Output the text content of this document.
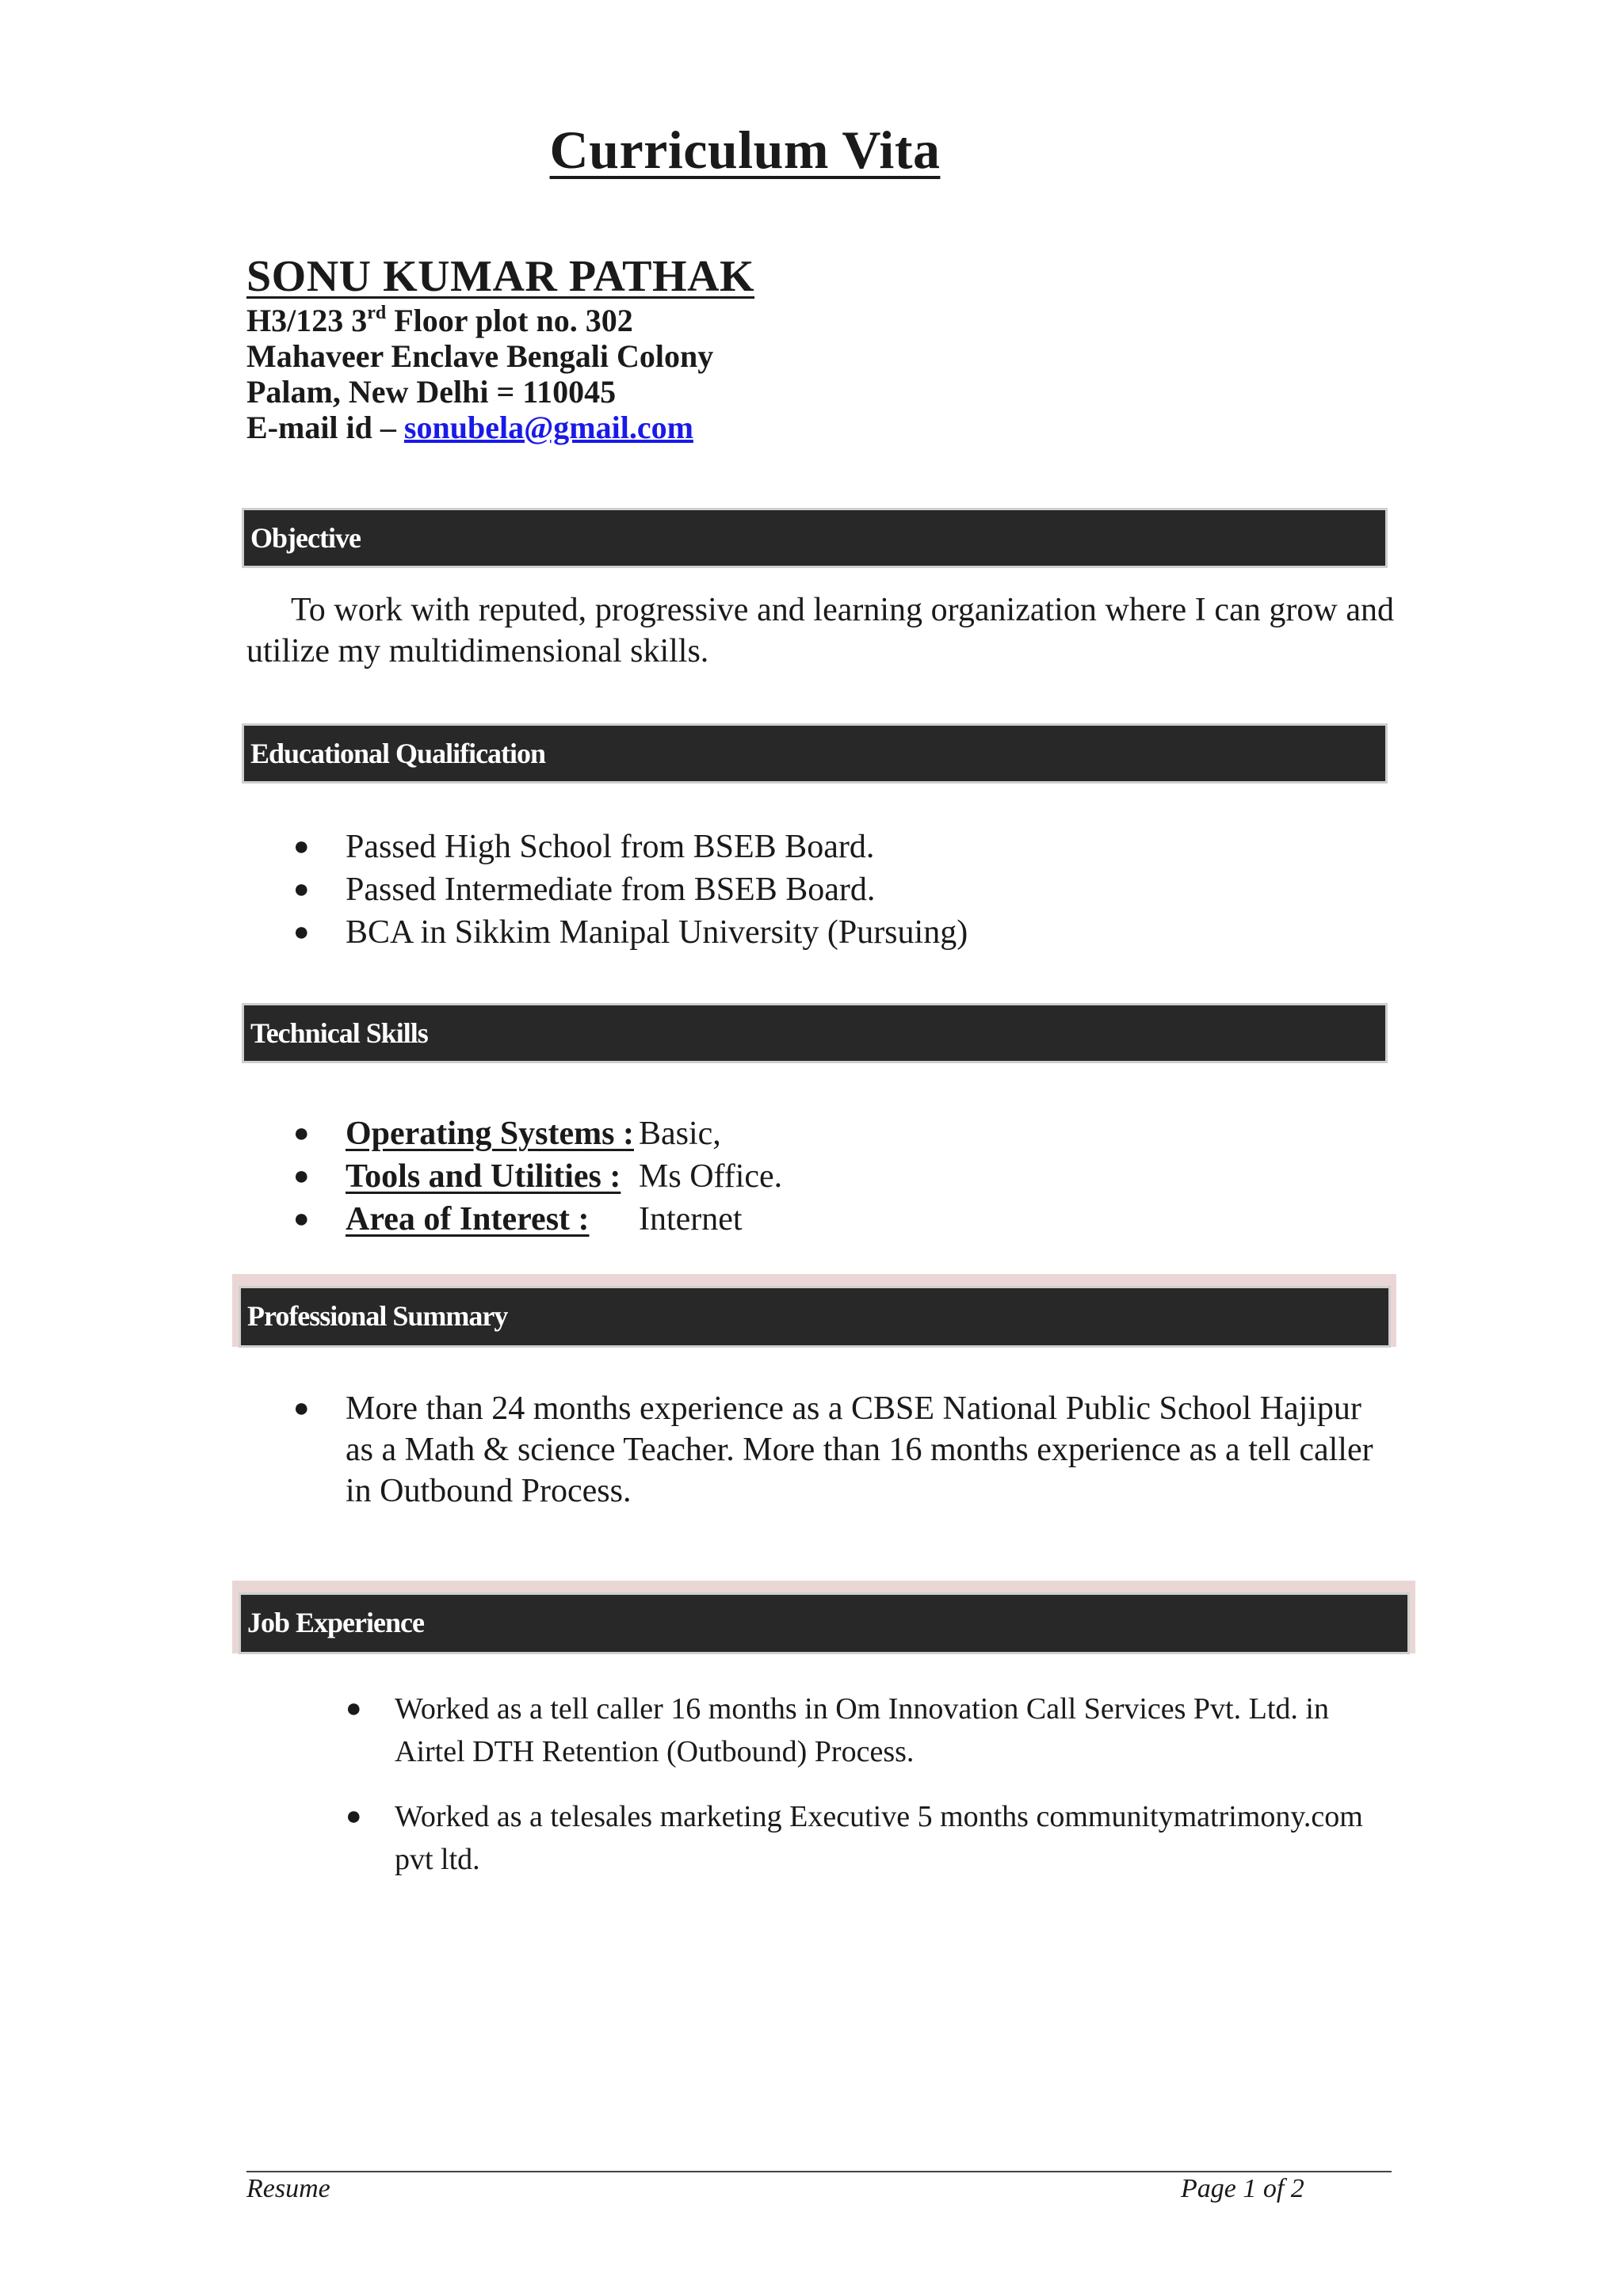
Curriculum Vita
SONU KUMAR PATHAK
H3/123 3rd Floor plot no. 302
Mahaveer Enclave Bengali Colony
Palam, New Delhi = 110045
E-mail id – sonubela@gmail.com
Objective
To work with reputed, progressive and learning organization where I can grow and utilize my multidimensional skills.
Educational Qualification
● Passed High School from BSEB Board.
● Passed Intermediate from BSEB Board.
● BCA in Sikkim Manipal University (Pursuing)
Technical Skills
● Operating Systems : Basic,
● Tools and Utilities : Ms Office.
● Area of Interest : Internet
Professional Summary
● More than 24 months experience as a CBSE National Public School Hajipur as a Math & science Teacher. More than 16 months experience as a tell caller in Outbound Process.
Job Experience
● Worked as a tell caller 16 months in Om Innovation Call Services Pvt. Ltd. in Airtel DTH Retention (Outbound) Process.
● Worked as a telesales marketing Executive 5 months communitymatrimony.com pvt ltd.
Resume	Page 1 of 2
